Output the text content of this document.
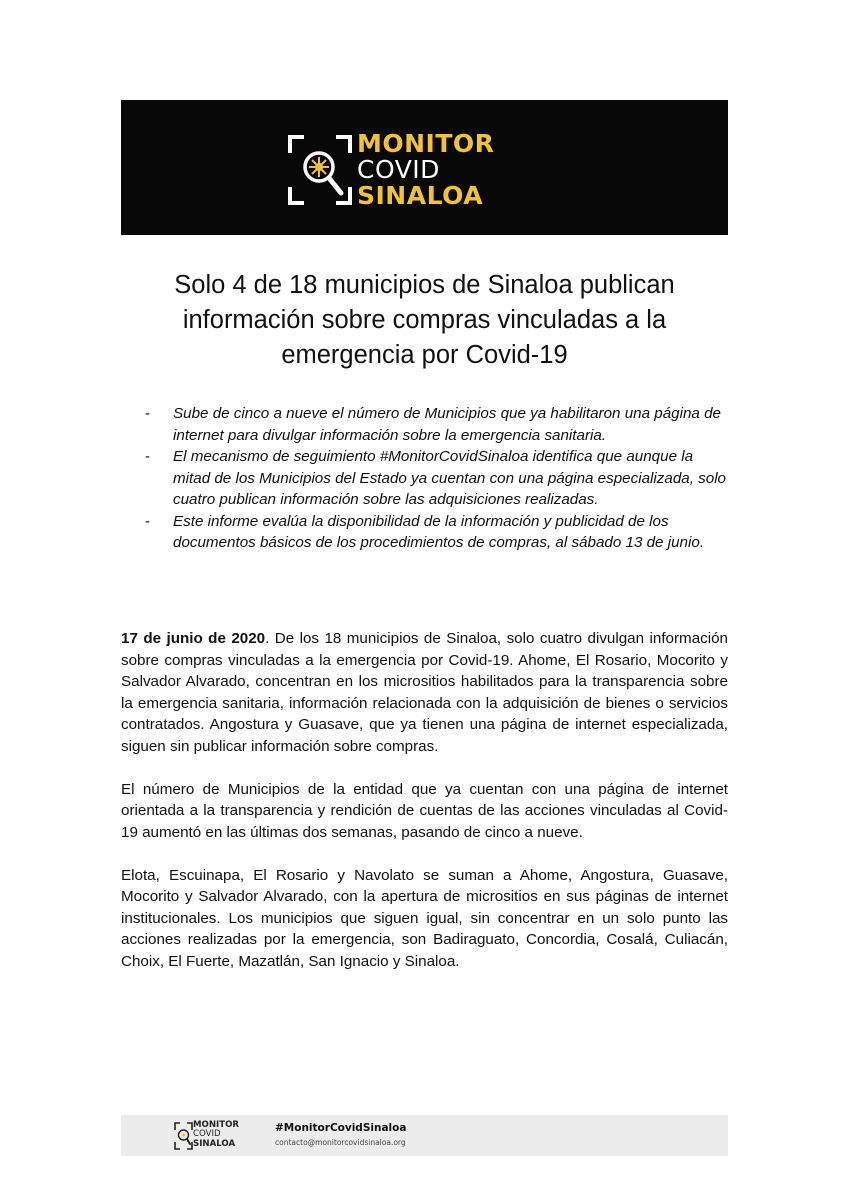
MONITOR
COVID
SINALOA
Solo 4 de 18 municipios de Sinaloa publican
información sobre compras vinculadas a la
emergencia por Covid-19
- Sube de cinco a nueve el número de Municipios que ya habilitaron una página de internet para divulgar información sobre la emergencia sanitaria.
- El mecanismo de seguimiento #MonitorCovidSinaloa identifica que aunque la mitad de los Municipios del Estado ya cuentan con una página especializada, solo cuatro publican información sobre las adquisiciones realizadas.
- Este informe evalúa la disponibilidad de la información y publicidad de los documentos básicos de los procedimientos de compras, al sábado 13 de junio.

17 de junio de 2020. De los 18 municipios de Sinaloa, solo cuatro divulgan información sobre compras vinculadas a la emergencia por Covid-19. Ahome, El Rosario, Mocorito y Salvador Alvarado, concentran en los micrositios habilitados para la transparencia sobre la emergencia sanitaria, información relacionada con la adquisición de bienes o servicios contratados. Angostura y Guasave, que ya tienen una página de internet especializada, siguen sin publicar información sobre compras.

El número de Municipios de la entidad que ya cuentan con una página de internet orientada a la transparencia y rendición de cuentas de las acciones vinculadas al Covid-19 aumentó en las últimas dos semanas, pasando de cinco a nueve.

Elota, Escuinapa, El Rosario y Navolato se suman a Ahome, Angostura, Guasave, Mocorito y Salvador Alvarado, con la apertura de micrositios en sus páginas de internet institucionales. Los municipios que siguen igual, sin concentrar en un solo punto las acciones realizadas por la emergencia, son Badiraguato, Concordia, Cosalá, Culiacán, Choix, El Fuerte, Mazatlán, San Ignacio y Sinaloa.

MONITOR
COVID
SINALOA
#MonitorCovidSinaloa
contacto@monitorcovidsinaloa.org
